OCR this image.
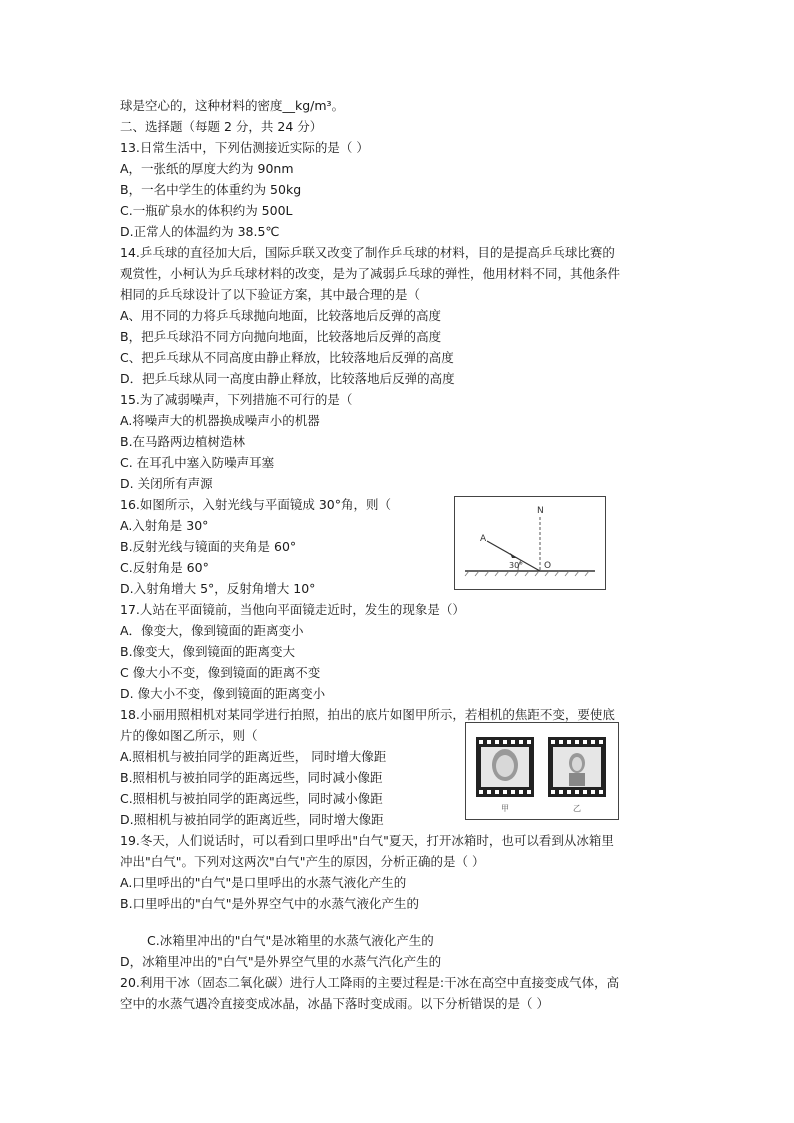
球是空心的，这种材料的密度__kg/m³。
二、选择题（每题 2 分，共 24 分）
13.日常生活中，下列估测接近实际的是（ ）
A，一张纸的厚度大约为 90nm
B，一名中学生的体重约为 50kg
C.一瓶矿泉水的体积约为 500L
D.正常人的体温约为 38.5℃
14.乒乓球的直径加大后，国际乒联又改变了制作乒乓球的材料，目的是提高乒乓球比赛的
观赏性，小柯认为乒乓球材料的改变，是为了减弱乒乓球的弹性，他用材料不同，其他条件
相同的乒乓球设计了以下验证方案，其中最合理的是（
A、用不同的力将乒乓球抛向地面，比较落地后反弹的高度
B，把乒乓球沿不同方向抛向地面，比较落地后反弹的高度
C、把乒乓球从不同高度由静止释放，比较落地后反弹的高度
D．把乒乓球从同一高度由静止释放，比较落地后反弹的高度
15.为了减弱噪声，下列措施不可行的是（
A.将噪声大的机器换成噪声小的机器
B.在马路两边植树造林
C. 在耳孔中塞入防噪声耳塞
D. 关闭所有声源
16.如图所示，入射光线与平面镜成 30°角，则（
A.入射角是 30°
B.反射光线与镜面的夹角是 60°
C.反射角是 60°
D.入射角增大 5°，反射角增大 10°
17.人站在平面镜前，当他向平面镜走近时，发生的现象是（）
A．像变大，像到镜面的距离变小
B.像变大，像到镜面的距离变大
C 像大小不变，像到镜面的距离不变
D. 像大小不变，像到镜面的距离变小
18.小丽用照相机对某同学进行拍照，拍出的底片如图甲所示，若相机的焦距不变，要使底
片的像如图乙所示，则（
A.照相机与被拍同学的距离近些， 同时增大像距
B.照相机与被拍同学的距离远些，同时减小像距
C.照相机与被拍同学的距离远些，同时减小像距
D.照相机与被拍同学的距离近些，同时增大像距
19.冬天，人们说话时，可以看到口里呼出"白气"夏天，打开冰箱时，也可以看到从冰箱里
冲出"白气"。下列对这两次"白气"产生的原因，分析正确的是（ ）
A.口里呼出的"白气"是口里呼出的水蒸气液化产生的
B.口里呼出的"白气"是外界空气中的水蒸气液化产生的
C.冰箱里冲出的"白气"是冰箱里的水蒸气液化产生的
D，冰箱里冲出的"白气"是外界空气里的水蒸气汽化产生的
20.利用干冰（固态二氧化碳）进行人工降雨的主要过程是:干冰在高空中直接变成气体，高
空中的水蒸气遇冷直接变成冰晶，冰晶下落时变成雨。以下分析错误的是（ ）
N
A
30° O
甲	乙
